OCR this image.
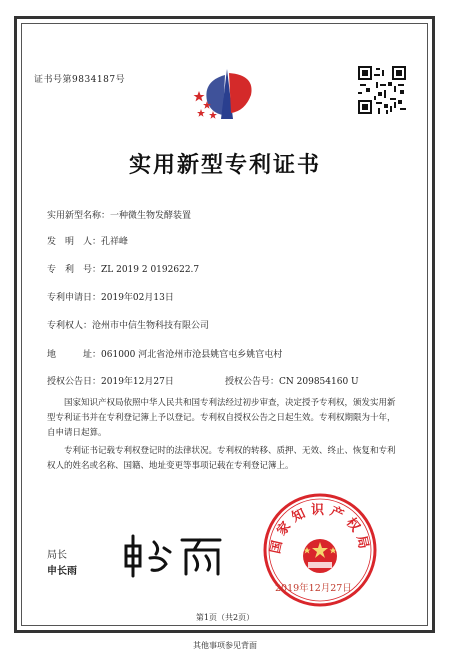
证书号第9834187号
实用新型专利证书
实用新型名称：一种微生物发酵装置
发　明　人：孔祥峰
专　利　号：ZL 2019 2 0192622.7
专利申请日：2019年02月13日
专利权人：沧州市中信生物科技有限公司
地　　　址：061000 河北省沧州市沧县姚官屯乡姚官屯村
授权公告日：2019年12月27日	授权公告号：CN 209854160 U

国家知识产权局依照中华人民共和国专利法经过初步审查，决定授予专利权，颁发实用新型专利证书并在专利登记簿上予以登记。专利权自授权公告之日起生效。专利权期限为十年，自申请日起算。

专利证书记载专利权登记时的法律状况。专利权的转移、质押、无效、终止、恢复和专利权人的姓名或名称、国籍、地址变更等事项记载在专利登记簿上。

局长
申长雨
国家知识产权局
2019年12月27日
第1页（共2页）
其他事项参见背面
